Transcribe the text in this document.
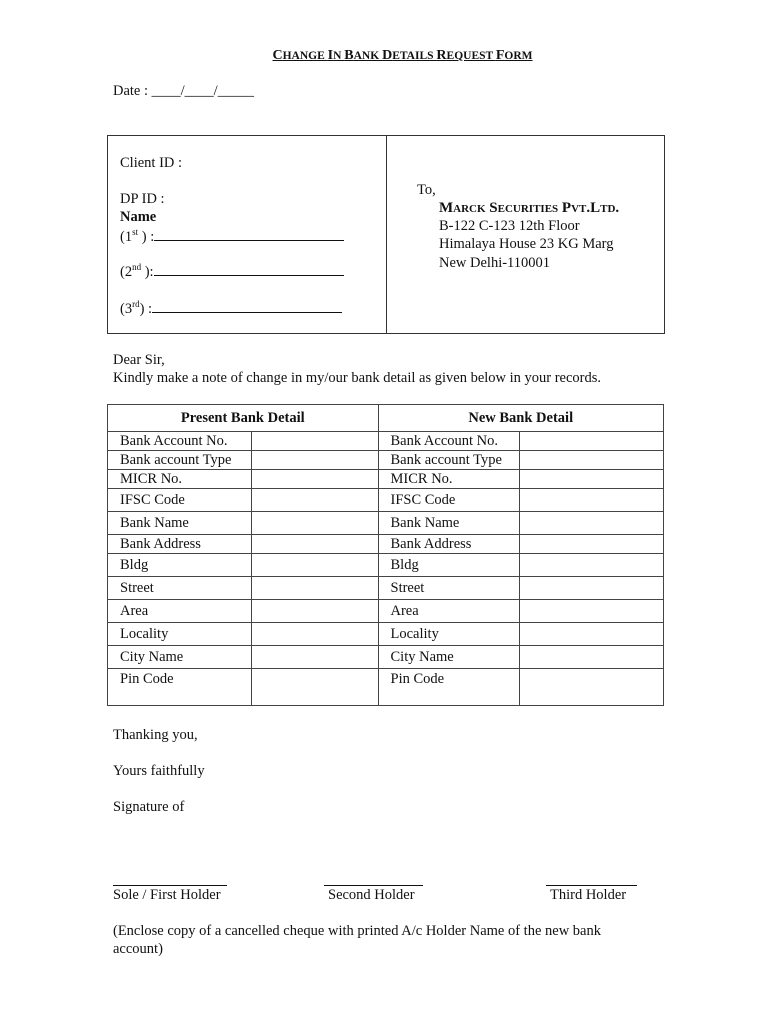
CHANGE IN BANK DETAILS REQUEST FORM
Date : ____/____/_____
Client ID :
DP ID :
Name
(1st ) :
(2nd ):
(3rd) :
To,
Marck Securities Pvt.Ltd.
B-122 C-123 12th Floor
Himalaya House 23 KG Marg
New Delhi-110001
Dear Sir,
Kindly make a note of change in my/our bank detail as given below in your records.
Present Bank Detail		New Bank Detail	
Bank Account No.		Bank Account No.	
Bank account Type		Bank account Type	
MICR No.		MICR No.	
IFSC Code		IFSC Code	
Bank Name		Bank Name	
Bank Address		Bank Address	
Bldg		Bldg	
Street		Street	
Area		Area	
Locality		Locality	
City Name		City Name	
Pin Code		Pin Code	
Thanking you,
Yours faithfully
Signature of
Sole / First Holder	Second Holder	Third Holder
(Enclose copy of a cancelled cheque with printed A/c Holder Name of the new bank
account)
